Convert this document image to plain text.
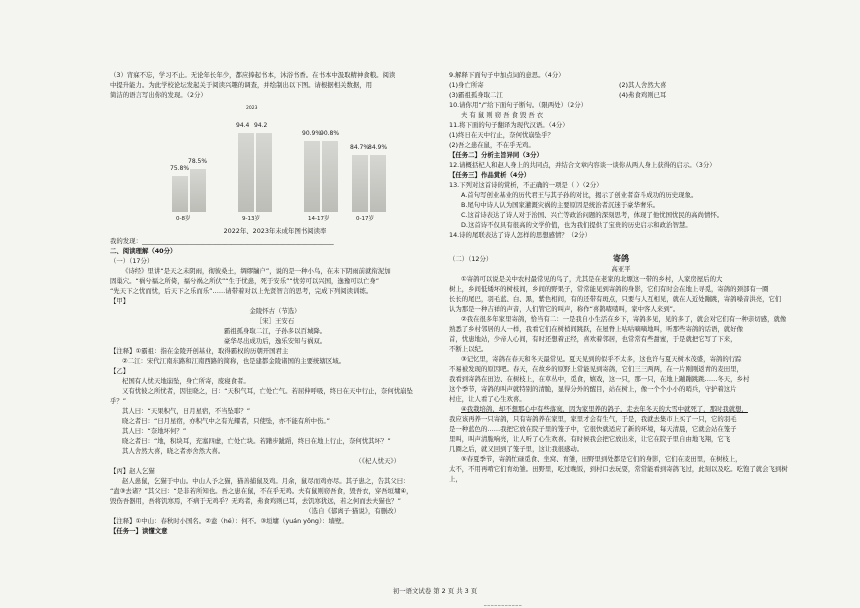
（3）宵寐不忘，学习不止。无论年长年少，都应捧起书本，沐浴书香。在书本中汲取精神食粮。阅读

中提升能力。为此学校论坛发起关于阅读兴趣的调查，并绘制出以下图。请根据相关数据，用

简洁的语言写出你的发现。（2分）

2023
75.8%
78.5%
0-8岁
94.4 94.2
9-13岁
90.9%
90.8%
14-17岁
84.7%
84.9%
0-17岁

2022年、2023年未成年图书阅读率

我的发现：____________________________________________________________

二、阅读理解（40分）

（一）（17分）

《诗经》里讲“是天之未阴雨，彻彼桑土，绸缪牖户”，说的是一种小鸟，在未下阴雨前就衔泥加

固巢穴。“祸兮福之所倚，福兮祸之所伏”“生于忧患，死于安乐”“忧劳可以兴国，逸豫可以亡身”

“先天下之忧而忧，后天下之乐而乐”……请带着对以上先贤智言的思考，完成下列阅读训练。

【甲】

金陵怀古（节选）

［宋］王安石

霸祖孤身取二江，子孙多以百城降。

豪华尽出成功后，逸乐安知与祸双。

【注释】①霸祖：指在金陵开创基业，取得霸权的历朝开国君主

②二江：宋代江南东路和江南西路的简称，也是建都金陵诸国的主要统辖区域。

【乙】

杞国有人忧天地崩坠，身亡所寄，废寝食者。

又有忧彼之所忧者，因往晓之，曰：“天积气耳，亡处亡气。若屈伸呼吸，终日在天中行止，奈何忧崩坠

乎？”

其人曰：“天果积气，日月星宿，不当坠耶？”

晓之者曰：“日月星宿，亦积气中之有光耀者，只使坠，亦不能有所中伤。”

其人曰：“奈地坏何？”

晓之者曰：“地，积块耳，充塞四虚，亡处亡块。若躇步跐蹈，终日在地上行止，奈何忧其坏？”

其人舍然大喜，晓之者亦舍然大喜。

（《杞人忧天》）

【丙】赵人乞猫

赵人患鼠，乞猫于中山。中山人予之猫，猫善捕鼠及鸡。月余，鼠尽而鸡亦尽。其子患之，告其父曰：

“盍③去诸？”其父曰：“是非若所知也。吾之患在鼠，不在乎无鸡。夫有鼠则窃吾食，毁吾衣，穿吾垣墉④，

毁伤吾器用，吾将饥寒焉，不病于无鸡乎？无鸡者，弗食鸡则已耳，去饥寒犹远，若之何而去夫猫也？”

（选自《郁离子·猫说》，有删改）

【注释】①中山：春秋时小国名。②盍（hé）：何不。③垣墉（yuán yōng）：墙壁。

【任务一】读懂文意

9.解释下面句子中加点词的意思。（4分）

(1)身亡所寄	(2)其人舍然大喜

(3)霸祖孤身取二江	(4)弗食鸡则已耳

10.请你用“/”给下面句子断句。（限两处）（2分）

夫 有 鼠 则 窃 吾 食 毁 吾 衣

11.将下面的句子翻译为现代汉语。（4分）

(1)终日在天中行止，奈何忧崩坠乎？

(2)吾之患在鼠，不在乎无鸡。

【任务二】分析主旨异同（3分）

12.请概括杞人和赵人身上的共同点，并结合文章内容谈一谈你从两人身上获得的启示。（3分）

【任务三】作品赏析（4分）

13.下列对这首诗的赏析，不正确的一项是（ ）（2分）

A.首句写创业基业的历代君王与其子孙的对比，揭示了创业者奋斗成功的历史现象。

B.尾句中诗人认为国家灌溉灾祸的主要原因是统治者沉迷于豪华奢乐。

C.这首诗表达了诗人对于治国、兴亡等政治问题的深刻思考，体现了他忧国忧民的高尚情怀。

D.这首诗不仅具有很高的文学价值，也为我们提供了宝贵的历史启示和政治智慧。

14.诗的尾联表达了诗人怎样的思想感情？（2分）

（二）（12分）	寄鸽

高亚平

①寄鸽可以说是关中农村最常见的鸟了，尤其是在老家的北塬这一带的乡村，人家房屋后的大

树上，乡间低矮坏的树枝间，乡间的野果子，常常能见到寄鸽的身影，它们有时会在地上寻觅，寄鸽的颈部有一圈

长长的尾巴，羽毛蓝、白、黑，紫色相间，有的还带有斑点，只要与人互相见，就在人近处蹦跳，寄鸽嗓音洪亮，它们

认为那是一种吉祥的声音，人们管它的叫声，称作“喜鹊喳喳叫，家中客人来到”。

②我在很多年家里寄鸽，恰当有二：一是我自小生活在乡下，寄鸽多见，见的多了，就会对它们有一种亲切感，就像

熟悉了乡村邻居的人一样，我看它们在树梢间跳跃，在屋脊上咕咕嘀嘀地叫，听那些寄鸽的话语，就好像

首，忧患地站，少帝人心间，有时还想着正经，喜欢着邻居，也常常有些甜蜜，于是就把它写了下来，

不断上以纪。

③记忆里，寄鸽在春天和冬天最常见。夏天见到的似乎不太多，这也许与夏天树木茂盛，寄鸽的行踪

不易被发现的原因吧。春天，在故乡的原野上常能见到寄鸽，它们三三两两，在一片刚刚返青的麦田里，

我看到寄鸽在田边、在树枝上，在草丛中，觅食，嬉戏，这一只，那一只，在地上蹦蹦跳跳……冬天，乡村

这个季节，寄鸽的叫声就特别的清脆，显得分外的醒目，站在树上，像一个个小小的哨兵，守护着这片

村庄，让人看了心生欢喜。

④我栽培鸽，却不想那心中有些落寞，因为家里养的鸽子，走去年冬天的大雪中就死了，那时我就想，

我应该再养一只寄鸽，只有寄鸽养在家里，家里才会有生气，于是，我就去集市上买了一只，它的羽毛

是一种蓝色的……我把它放在院子里的笼子中，它很快就适应了新的环境，每天清晨，它就会站在笼子

里叫，叫声清脆响亮，让人听了心生欢喜。有时候我会把它放出来，让它在院子里自由地飞翔，它飞

几圈之后，就又回到了笼子里，这让我很感动。

⑤春夏季节，寄鸽忙碌觅食、坐窝、育雏，田野里到处都是它们的身影，它们在麦田里，在树枝上，

太不，不用再啃它们育幼雏。田野里，吃过晚饭，到村口去玩耍，常常能看到寄鸽飞过，此刻以及吃。吃饱了就会飞到树上，

初一语文试卷 第 2 页 共 3 页
___________
